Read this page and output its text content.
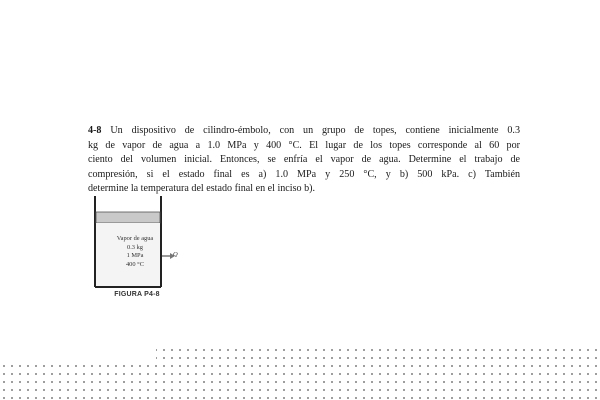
4-8 Un dispositivo de cilindro-émbolo, con un grupo de topes, contiene inicialmente 0.3
kg de vapor de agua a 1.0 MPa y 400 °C. El lugar de los topes corresponde al 60 por
ciento del volumen inicial. Entonces, se enfría el vapor de agua. Determine el trabajo de
compresión, si el estado final es a) 1.0 MPa y 250 °C, y b) 500 kPa. c) También
determine la temperatura del estado final en el inciso b).
Vapor de agua
0.3 kg
1 MPa
400 °C
Q
FIGURA P4-8
